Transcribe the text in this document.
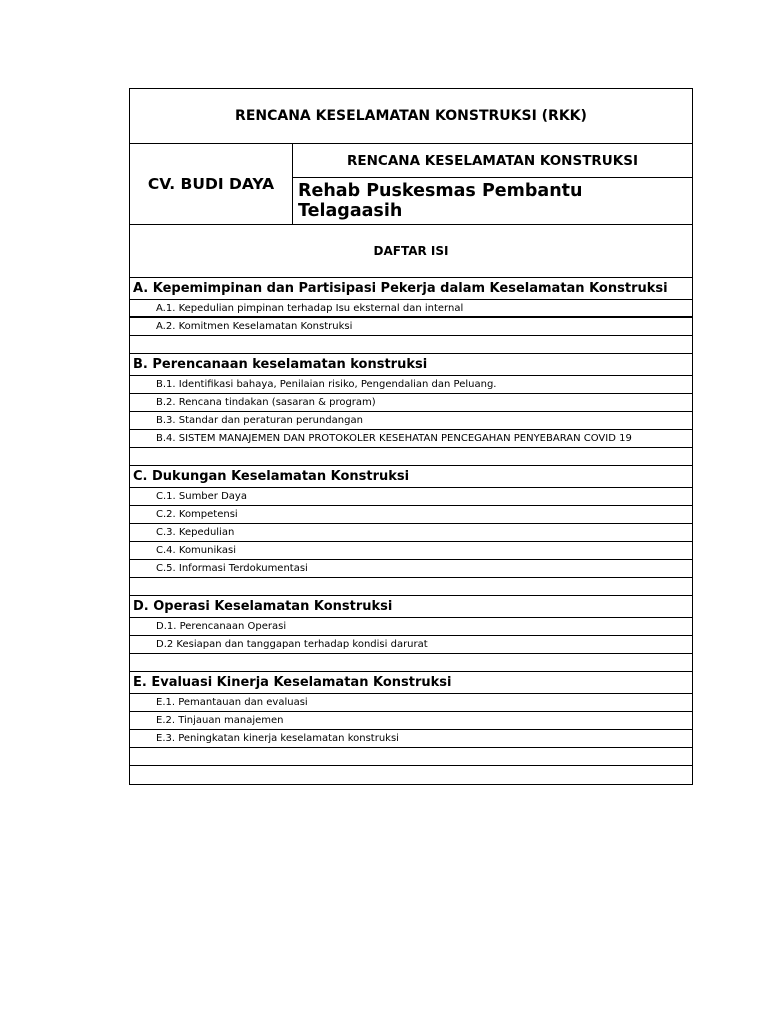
RENCANA KESELAMATAN KONSTRUKSI (RKK)
CV. BUDI DAYA
RENCANA KESELAMATAN KONSTRUKSI
Rehab Puskesmas Pembantu Telagaasih
DAFTAR ISI
A. Kepemimpinan dan Partisipasi Pekerja dalam Keselamatan Konstruksi
A.1. Kepedulian pimpinan terhadap Isu eksternal dan internal
A.2. Komitmen Keselamatan Konstruksi
B. Perencanaan keselamatan konstruksi
B.1. Identifikasi bahaya, Penilaian risiko, Pengendalian dan Peluang.
B.2. Rencana tindakan (sasaran & program)
B.3. Standar dan peraturan perundangan
B.4. SISTEM MANAJEMEN DAN PROTOKOLER KESEHATAN PENCEGAHAN PENYEBARAN COVID 19
C. Dukungan Keselamatan Konstruksi
C.1. Sumber Daya
C.2. Kompetensi
C.3. Kepedulian
C.4. Komunikasi
C.5. Informasi Terdokumentasi
D. Operasi Keselamatan Konstruksi
D.1. Perencanaan Operasi
D.2 Kesiapan dan tanggapan terhadap kondisi darurat
E. Evaluasi Kinerja Keselamatan Konstruksi
E.1. Pemantauan dan evaluasi
E.2. Tinjauan manajemen
E.3. Peningkatan kinerja keselamatan konstruksi
